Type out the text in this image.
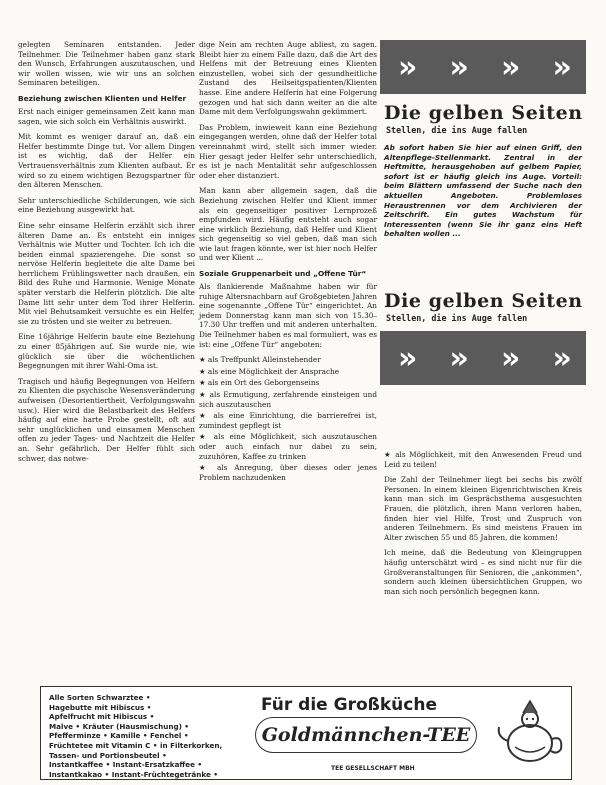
gelegten Seminaren entstanden. Jeder Teilnehmer. Die Teilnehmer haben ganz stark den Wunsch, Erfahrungen auszutauschen, und wir wollen wissen, wie wir uns an solchen Seminaren beteiligen.

Beziehung zwischen Klienten und Helfer

Erst nach einiger gemeinsamen Zeit kann man sagen, wie sich solch ein Verhältnis auswirkt.

Mit kommt es weniger darauf an, daß ein Helfer bestimmte Dinge tut. Vor allem Dingen ist es wichtig, daß der Helfer ein Vertrauensverhältnis zum Klienten aufbaut. Er wird so zu einem wichtigen Bezugspartner für den älteren Menschen.

Sehr unterschiedliche Schilderungen, wie sich eine Beziehung ausgewirkt hat.

Eine sehr einsame Helferin erzählt sich ihrer älteren Dame an. Es entsteht ein inniges Verhältnis wie Mutter und Tochter. Ich ich die beiden einmal spazierengehe. Die sonst so nervöse Helferin begleitete die alte Dame bei herrlichem Frühlingswetter nach draußen, ein Bild des Ruhe und Harmonie. Wenige Monate später verstarb die Helferin plötzlich. Die alte Dame litt sehr unter dem Tod ihrer Helferin. Mit viel Behutsamkeit versuchte es ein Helfer, sie zu trösten und sie weiter zu betreuen.

Eine 16jährige Helferin baute eine Beziehung zu einer 85jährigen auf. Sie wurde nie, wie glücklich sie über die wöchentlichen Begegnungen mit ihrer Wahl-Oma ist.

Tragisch und häufig Begegnungen von Helfern zu Klienten die psychische Wesensveränderung aufweisen (Desorientiertheit, Verfolgungswahn usw.). Hier wird die Belastbarkeit des Helfers häufig auf eine harte Probe gestellt, oft auf sehr unglücklichen und einsamen Menschen offen zu jeder Tages- und Nachtzeit die Helfer an. Sehr gefährlich. Der Helfer fühlt sich schwer, das notwe-

dige Nein am rechten Auge abliest, zu sagen. Bleibt hier zu einem Falle dazu, daß die Art des Helfens mit der Betreuung eines Klienten einzustellen, wobei sich der gesundheitliche Zustand des Heilseitgspatienten/Klienten hasse. Eine andere Helferin hat eine Folgerung gezogen und hat sich dann weiter an die alte Dame mit dem Verfolgungswahn gekümmert.

Das Problem, inwieweit kann eine Beziehung eingegangen werden, ohne daß der Helfer total vereinnahmt wird, stellt sich immer wieder. Hier gesagt jeder Helfer sehr unterschiedlich, es ist je nach Mentalität sehr aufgeschlossen oder eher distanziert.

Man kann aber allgemein sagen, daß die Beziehung zwischen Helfer und Klient immer als ein gegenseitiger positiver Lernprozeß empfunden wird. Häufig entsteht auch sogar eine wirklich Beziehung, daß Helfer und Klient sich gegenseitig so viel geben, daß man sich wie laut fragen könnte, wer ist hier noch Helfer und wer Klient ...

Soziale Gruppenarbeit und „Offene Tür“

Als flankierende Maßnahme haben wir für ruhige Altersnachbarn auf Großgebieten Jahren eine sogenannte „Offene Tür“ eingerichtet. An jedem Donnerstag kann man sich von 15.30–17.30 Uhr treffen und mit anderen unterhalten. Die Teilnehmer haben es mal formuliert, was es ist: eine „Offene Tür“ angeboten:

★ als Treffpunkt Alleinstehender
★ als eine Möglichkeit der Ansprache
★ als ein Ort des Geborgenseins
★ als Ermutigung, zerfahrende einsteigen und sich auszutauschen
★ als eine Einrichtung, die barrierefrei ist, zumindest gepflegt ist
★ als eine Möglichkeit, sich auszutauschen oder auch einfach nur dabei zu sein, zuzuhören, Kaffee zu trinken
★ als Anregung, über dieses oder jenes Problem nachzudenken
» » » »
Die gelben Seiten
Stellen, die ins Auge fallen
Ab sofort haben Sie hier auf einen Griff, den Altenpflege-Stellenmarkt. Zentral in der Heftmitte, herausgehoben auf gelbem Papier, sofort ist er häufig gleich ins Auge. Vorteil: beim Blättern umfassend der Suche nach den aktuellen Angeboten. Problemloses Heraustrennen vor dem Archivieren der Zeitschrift. Ein gutes Wachstum für Interessenten (wenn Sie ihr ganz eins Heft behalten wollen ...
Die gelben Seiten
Stellen, die ins Auge fallen
» » » »

★ als Möglichkeit, mit den Anwesenden Freud und Leid zu teilen!

Die Zahl der Teilnehmer liegt bei sechs bis zwölf Personen. In einem kleinen Eigenrichtwischen Kreis kann man sich im Gesprächsthema ausgesuchten Frauen, die plötzlich, ihren Mann verloren haben, finden hier viel Hilfe, Trost und Zuspruch von anderen Teilnehmern. Es sind meistens Frauen im Alter zwischen 55 und 85 Jahren, die kommen!

Ich meine, daß die Bedeutung von Kleingruppen häufig unterschätzt wird – es sind nicht nur für die Großveranstaltungen für Senioren, die „ankommen“, sondern auch kleinen übersichtlichen Gruppen, wo man sich noch persönlich begegnen kann.

Alle Sorten Schwarztee •
Hagebutte mit Hibiscus •
Apfelfrucht mit Hibiscus •
Malve • Kräuter (Hausmischung) •
Pfefferminze • Kamille • Fenchel •
Früchtetee mit Vitamin C • in Filterkorken, Tassen- und Portionsbeutel •
Instantkaffee • Instant-Ersatzkaffee •
Instantkakao • Instant-Früchtegetränke •
Für die Großküche
Goldmännchen-TEE
TEE GESELLSCHAFT MBH
